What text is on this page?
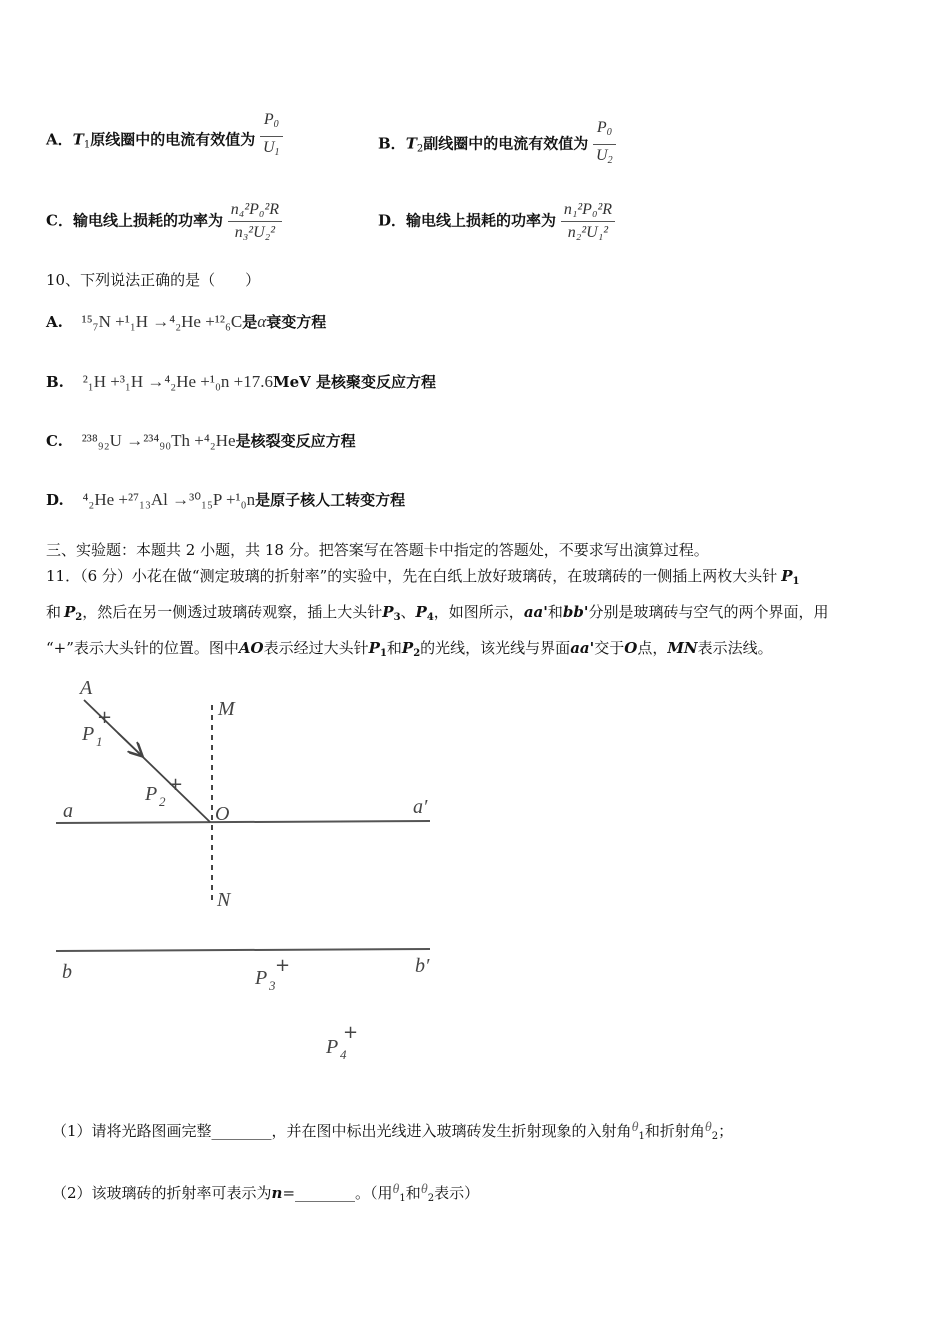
A．$T_1$原线圈中的电流有效值为 $\frac{P_0}{U_1}$	B．$T_2$副线圈中的电流有效值为 $\frac{P_0}{U_2}$
C．输电线上损耗的功率为 $\frac{\text{n₄²P₀²R}}{\text{n₃²U₂²}}$	D．输电线上损耗的功率为 $\frac{\text{n₁²P₀²R}}{\text{n₂²U₁²}}$
10、下列说法正确的是（　　）
A. ¹⁵₇N +¹₁H →⁴₂He +¹²₆C是α衰变方程
B. ²₁H +³₁H →⁴₂He +¹₀n +17.6MeV 是核聚变反应方程
C. ²³⁸₉₂U →²³⁴₉₀Th +⁴₂He是核裂变反应方程
D. ⁴₂He +²⁷₁₃Al →³⁰₁₅P +¹₀n是原子核人工转变方程
三、实验题：本题共 2 小题，共 18 分。把答案写在答题卡中指定的答题处，不要求写出演算过程。
11．（6 分）小花在做“测定玻璃的折射率”的实验中，先在白纸上放好玻璃砖，在玻璃砖的一侧插上两枚大头针 $P_1$
和 $P_2$，然后在另一侧透过玻璃砖观察，插上大头针$P_3$、$P_4$，如图所示，aa'和bb'分别是玻璃砖与空气的两个界面，用
“+”表示大头针的位置。图中AO表示经过大头针$P_1$和$P_2$的光线，该光线与界面aa'交于O点，MN表示法线。
+
+
+
+
A
M
P 1
P 2
a	O	a′
N
b	b′
P 3
P 4
（1）请将光路图画完整________，并在图中标出光线进入玻璃砖发生折射现象的入射角$\theta_1$和折射角$\theta_2$；
（2）该玻璃砖的折射率可表示为n=________。（用$\theta_1$和$\theta_2$表示）
